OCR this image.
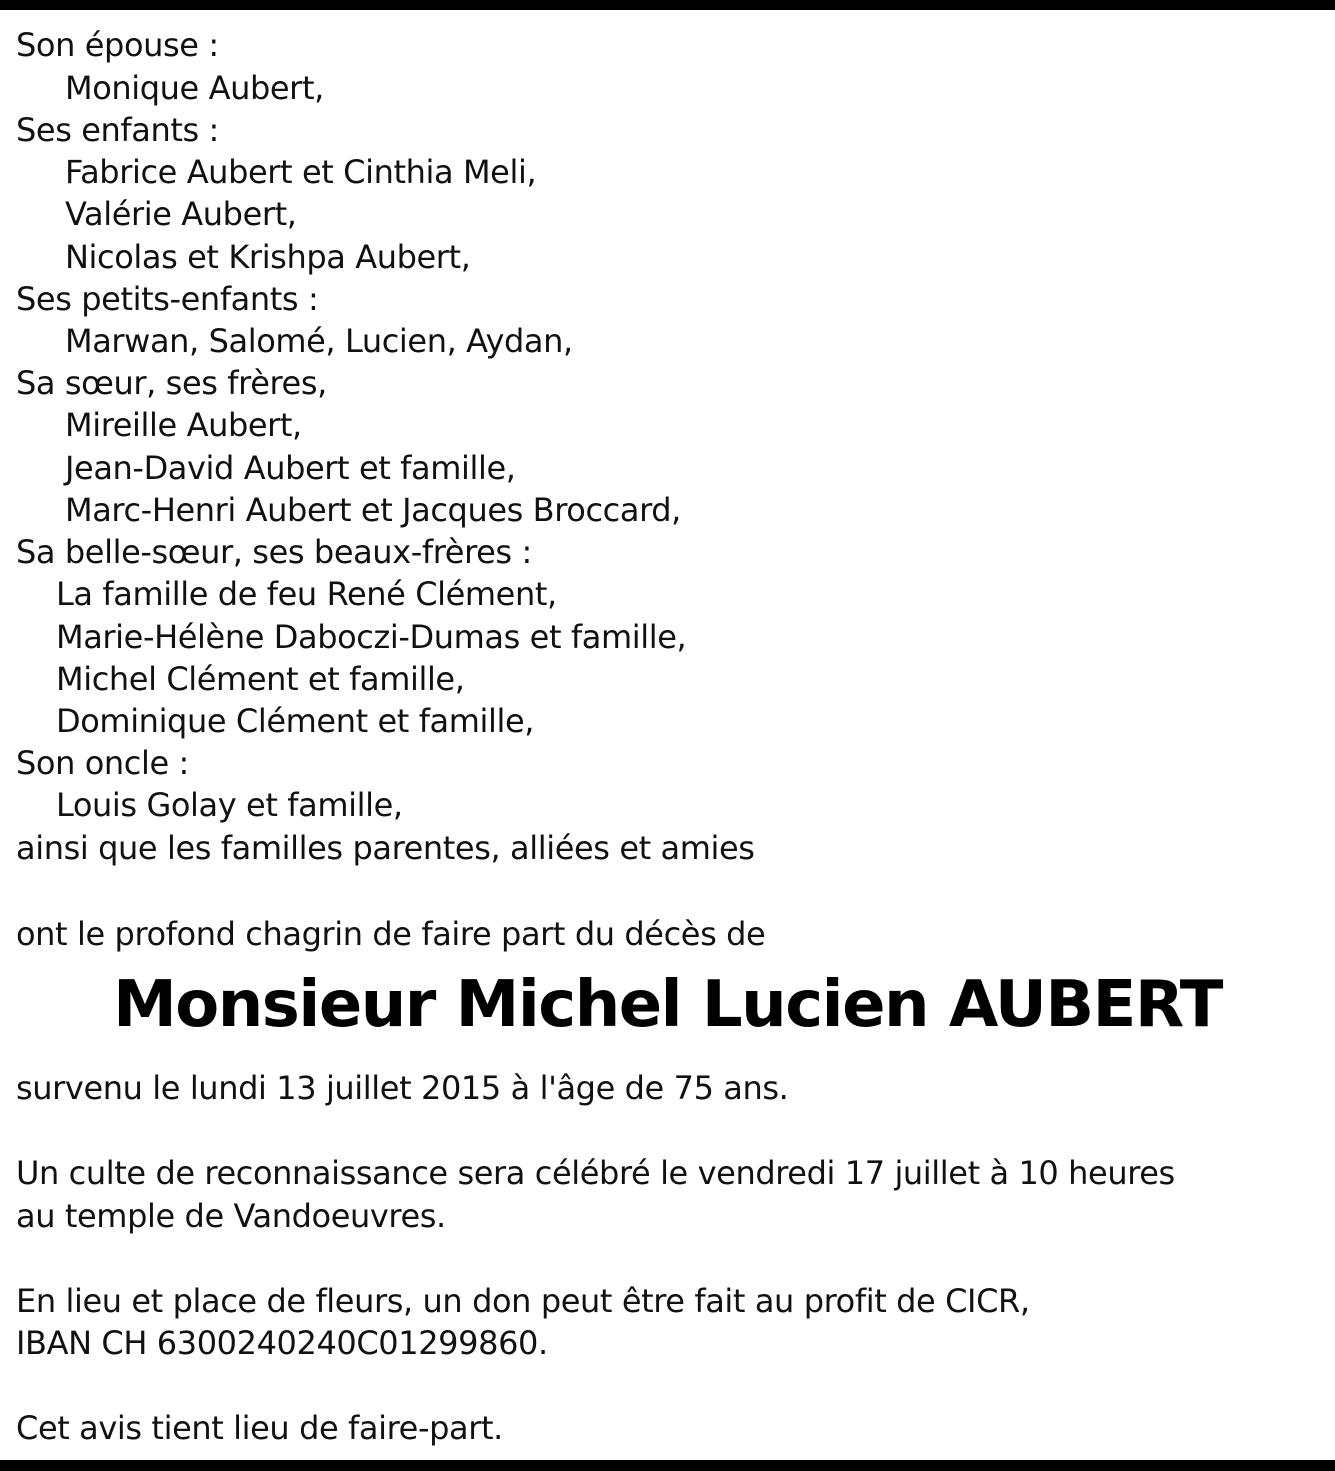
Son épouse :
Monique Aubert,
Ses enfants :
Fabrice Aubert et Cinthia Meli,
Valérie Aubert,
Nicolas et Krishpa Aubert,
Ses petits-enfants :
Marwan, Salomé, Lucien, Aydan,
Sa sœur, ses frères,
Mireille Aubert,
Jean-David Aubert et famille,
Marc-Henri Aubert et Jacques Broccard,
Sa belle-sœur, ses beaux-frères :
La famille de feu René Clément,
Marie-Hélène Daboczi-Dumas et famille,
Michel Clément et famille,
Dominique Clément et famille,
Son oncle :
Louis Golay et famille,
ainsi que les familles parentes, alliées et amies
ont le profond chagrin de faire part du décès de
Monsieur Michel Lucien AUBERT
survenu le lundi 13 juillet 2015 à l'âge de 75 ans.
Un culte de reconnaissance sera célébré le vendredi 17 juillet à 10 heures
au temple de Vandoeuvres.
En lieu et place de fleurs, un don peut être fait au profit de CICR,
IBAN CH 6300240240C01299860.
Cet avis tient lieu de faire-part.
